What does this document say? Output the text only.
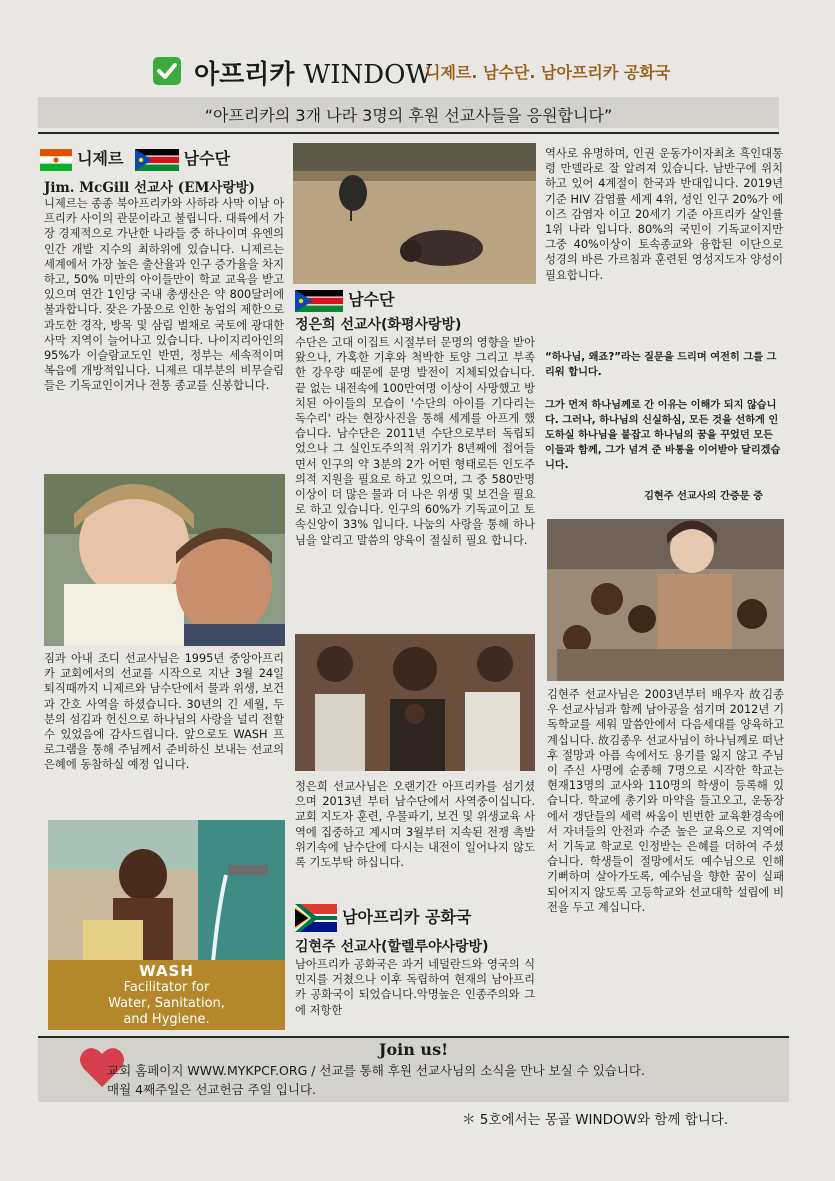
아프리카 WINDOW
니제르. 남수단. 남아프리카 공화국
“아프리카의 3개 나라 3명의 후원 선교사들을 응원합니다”
니제르	남수단
Jim. McGill 선교사 (EM사랑방)
니제르는 종종 북아프리카와 사하라 사막 이남 아프리카 사이의 관문이라고 불립니다. 대륙에서 가장 경제적으로 가난한 나라들 중 하나이며 유엔의 인간 개발 지수의 최하위에 있습니다. 니제르는 세계에서 가장 높은 출산율과 인구 증가율을 차지하고, 50% 미만의 아이들만이 학교 교육을 받고 있으며 연간 1인당 국내 총생산은 약 800달러에 불과합니다. 잦은 가뭄으로 인한 농업의 제한으로 과도한 경작, 방목 및 삼림 벌채로 국토에 광대한 사막 지역이 늘어나고 있습니다. 나이지리아인의 95%가 이슬람교도인 반면, 정부는 세속적이며 복음에 개방적입니다. 니제르 대부분의 비무슬림들은 기독교인이거나 전통 종교를 신봉합니다.
짐과 아내 조디 선교사님은 1995년 중앙아프리카 교회에서의 선교를 시작으로 지난 3월 24일 퇴직때까지 니제르와 남수단에서 물과 위생, 보건과 간호 사역을 하셨습니다. 30년의 긴 세월, 두 분의 섬김과 헌신으로 하나님의 사랑을 널리 전할 수 있었음에 감사드립니다. 앞으로도 WASH 프로그램을 통해 주님께서 준비하신 보내는 선교의 은혜에 동참하실 예정 입니다.
WASH
Facilitator for
Water, Sanitation,
and Hygiene.
남수단
정은희 선교사(화평사랑방)
수단은 고대 이집트 시절부터 문명의 영향을 받아왔으나, 가혹한 기후와 척박한 토양 그리고 부족한 강우량 때문에 문명 발전이 지체되었습니다. 끝 없는 내전속에 100만여명 이상이 사망했고 방치된 아이들의 모습이 '수단의 아이를 기다리는 독수리' 라는 현장사진을 통해 세계를 아프게 했습니다. 남수단은 2011년 수단으로부터 독립되었으나 그 실인도주의적 위기가 8년째에 접어들면서 인구의 약 3분의 2가 어떤 형태로든 인도주의적 지원을 필요로 하고 있으며, 그 중 580만명 이상이 더 많은 물과 더 나은 위생 및 보건을 필요로 하고 있습니다. 인구의 60%가 기독교이고 토속신앙이 33% 입니다. 나눔의 사랑을 통해 하나님을 알리고 말씀의 양육이 절실히 필요 합니다.
정은희 선교사님은 오랜기간 아프리카를 섬기셨으며 2013년 부터 남수단에서 사역중이십니다. 교회 지도자 훈련, 우물파기, 보건 및 위생교육 사역에 집중하고 계시며 3월부터 지속된 전쟁 촉발 위기속에 남수단에 다시는 내전이 일어나지 않도록 기도부탁 하십니다.
남아프리카 공화국
김현주 선교사(할렐루야사랑방)
남아프리카 공화국은 과거 네덜란드와 영국의 식민지를 거쳤으나 이후 독립하여 현재의 남아프리카 공화국이 되었습니다.악명높은 인종주의와 그에 저항한
역사로 유명하며, 인권 운동가이자최초 흑인대통령 만델라로 잘 알려져 있습니다. 남반구에 위치하고 있어 4계절이 한국과 반대입니다. 2019년 기준 HIV 감염률 세계 4위, 성인 인구 20%가 에이즈 감염자 이고 20세기 기준 아프리카 살인률1위 나라 입니다. 80%의 국민이 기독교이지만 그중 40%이상이 토속종교와 융합된 이단으로 성경의 바른 가르침과 훈련된 영성지도자 양성이 필요합니다.
“하나님, 왜죠?”라는 질문을 드리며 여전히 그를 그리워 합니다.
그가 먼저 하나님께로 간 이유는 이해가 되지 않습니다. 그러나, 하나님의 신실하심, 모든 것을 선하게 인도하실 하나님을 붙잡고 하나님의 꿈을 꾸었던 모든 이들과 함께, 그가 넘겨 준 바통을 이어받아 달리겠습니다.
김현주 선교사의 간증문 중
김현주 선교사님은 2003년부터 배우자 故김종우 선교사님과 함께 남아공을 섬기며 2012년 기독학교를 세워 말씀안에서 다음세대를 양육하고 계십니다. 故김종우 선교사님이 하나님께로 떠난 후 절망과 아픔 속에서도 용기를 잃지 않고 주님이 주신 사명에 순종해 7명으로 시작한 학교는 현재13명의 교사와 110명의 학생이 등록해 있습니다. 학교에 총기와 마약을 들고오고, 운동장에서 갱단들의 세력 싸움이 빈번한 교육환경속에서 자녀들의 안전과 수준 높은 교육으로 지역에서 기독교 학교로 인정받는 은혜를 더하여 주셨습니다. 학생들이 절망에서도 예수님으로 인해 기뻐하며 살아가도록, 예수님을 향한 꿈이 실패 되어지지 않도록 고등학교와 선교대학 설립에 비전을 두고 계십니다.
Join us!
교회 홈페이지 WWW.MYKPCF.ORG / 선교를 통해 후원 선교사님의 소식을 만나 보실 수 있습니다.
매월 4째주일은 선교헌금 주일 입니다.
＊ 5호에서는 몽골 WINDOW와 함께 합니다.
